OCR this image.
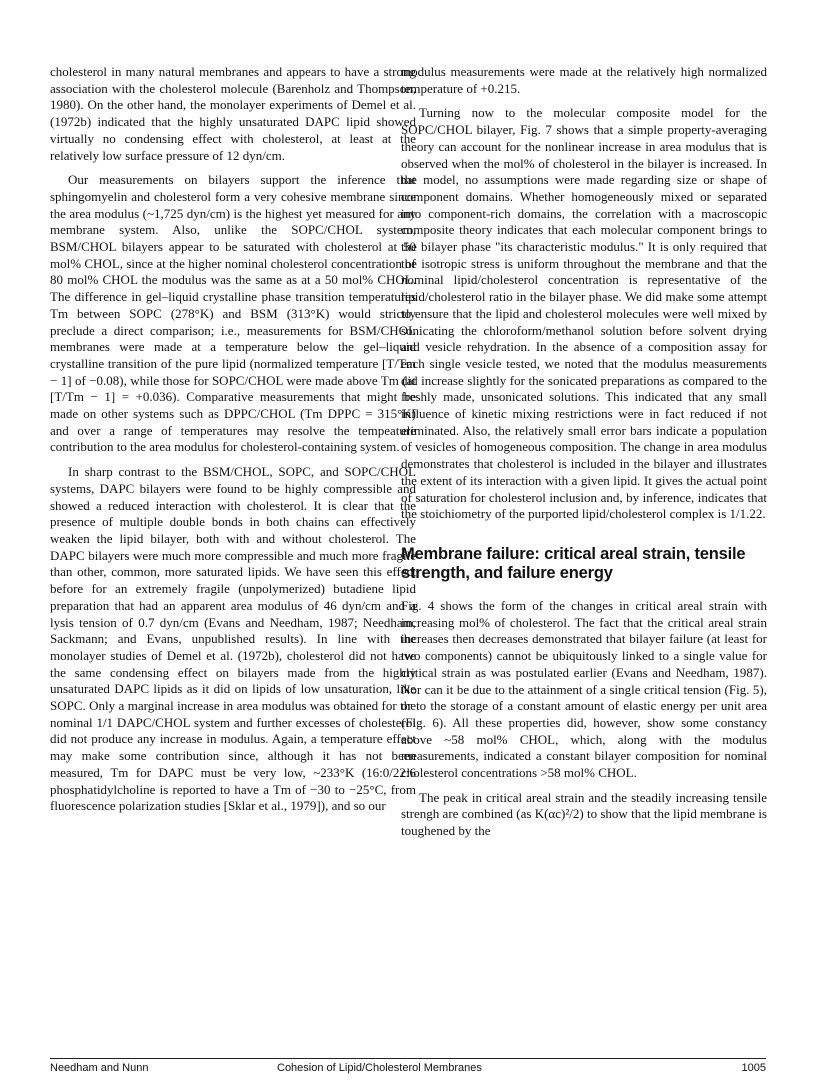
cholesterol in many natural membranes and appears to have a strong association with the cholesterol molecule (Barenholz and Thompson, 1980). On the other hand, the monolayer experiments of Demel et al. (1972b) indicated that the highly unsaturated DAPC lipid showed virtually no condensing effect with cholesterol, at least at the relatively low surface pressure of 12 dyn/cm.

Our measurements on bilayers support the inference that sphingomyelin and cholesterol form a very cohesive membrane since the area modulus (~1,725 dyn/cm) is the highest yet measured for any membrane system. Also, unlike the SOPC/CHOL system, BSM/CHOL bilayers appear to be saturated with cholesterol at 50 mol% CHOL, since at the higher nominal cholesterol concentration of 80 mol% CHOL the modulus was the same as at a 50 mol% CHOL. The difference in gel–liquid crystalline phase transition temperatures Tm between SOPC (278°K) and BSM (313°K) would strictly preclude a direct comparison; i.e., measurements for BSM/CHOL membranes were made at a temperature below the gel–liquid crystalline transition of the pure lipid (normalized temperature [T/Tm − 1] of −0.08), while those for SOPC/CHOL were made above Tm (at [T/Tm − 1] = +0.036). Comparative measurements that might be made on other systems such as DPPC/CHOL (Tm DPPC = 315°K) and over a range of temperatures may resolve the tempeature contribution to the area modulus for cholesterol-containing system.

In sharp contrast to the BSM/CHOL, SOPC, and SOPC/CHOL systems, DAPC bilayers were found to be highly compressible and showed a reduced interaction with cholesterol. It is clear that the presence of multiple double bonds in both chains can effectively weaken the lipid bilayer, both with and without cholesterol. The DAPC bilayers were much more compressible and much more fragile than other, common, more saturated lipids. We have seen this effect before for an extremely fragile (unpolymerized) butadiene lipid preparation that had an apparent area modulus of 46 dyn/cm and a lysis tension of 0.7 dyn/cm (Evans and Needham, 1987; Needham, Sackmann; and Evans, unpublished results). In line with the monolayer studies of Demel et al. (1972b), cholesterol did not have the same condensing effect on bilayers made from the highly unsaturated DAPC lipids as it did on lipids of low unsaturation, like SOPC. Only a marginal increase in area modulus was obtained for the nominal 1/1 DAPC/CHOL system and further excesses of cholesterol did not produce any increase in modulus. Again, a temperature effect may make some contribution since, although it has not been measured, Tm for DAPC must be very low, ~233°K (16:0/22:6 phosphatidylcholine is reported to have a Tm of −30 to −25°C, from fluorescence polarization studies [Sklar et al., 1979]), and so our

modulus measurements were made at the relatively high normalized temperature of +0.215.

Turning now to the molecular composite model for the SOPC/CHOL bilayer, Fig. 7 shows that a simple property-averaging theory can account for the nonlinear increase in area modulus that is observed when the mol% of cholesterol in the bilayer is increased. In the model, no assumptions were made regarding size or shape of component domains. Whether homogeneously mixed or separated into component-rich domains, the correlation with a macroscopic composite theory indicates that each molecular component brings to the bilayer phase "its characteristic modulus." It is only required that the isotropic stress is uniform throughout the membrane and that the nominal lipid/cholesterol concentration is representative of the lipid/cholesterol ratio in the bilayer phase. We did make some attempt to ensure that the lipid and cholesterol molecules were well mixed by sonicating the chloroform/methanol solution before solvent drying and vesicle rehydration. In the absence of a composition assay for each single vesicle tested, we noted that the modulus measurements did increase slightly for the sonicated preparations as compared to the freshly made, unsonicated solutions. This indicated that any small influence of kinetic mixing restrictions were in fact reduced if not eliminated. Also, the relatively small error bars indicate a population of vesicles of homogeneous composition. The change in area modulus demonstrates that cholesterol is included in the bilayer and illustrates the extent of its interaction with a given lipid. It gives the actual point of saturation for cholesterol inclusion and, by inference, indicates that the stoichiometry of the purported lipid/cholesterol complex is 1/1.22.

Membrane failure: critical areal strain, tensile strength, and failure energy

Fig. 4 shows the form of the changes in critical areal strain with increasing mol% of cholesterol. The fact that the critical areal strain increases then decreases demonstrated that bilayer failure (at least for two components) cannot be ubiquitously linked to a single value for critical strain as was postulated earlier (Evans and Needham, 1987). Nor can it be due to the attainment of a single critical tension (Fig. 5), or to the storage of a constant amount of elastic energy per unit area (Fig. 6). All these properties did, however, show some constancy above ~58 mol% CHOL, which, along with the modulus measurements, indicated a constant bilayer composition for nominal cholesterol concentrations >58 mol% CHOL.

The peak in critical areal strain and the steadily increasing tensile strengh are combined (as K(αc)²/2) to show that the lipid membrane is toughened by the

Needham and Nunn	Cohesion of Lipid/Cholesterol Membranes	1005
